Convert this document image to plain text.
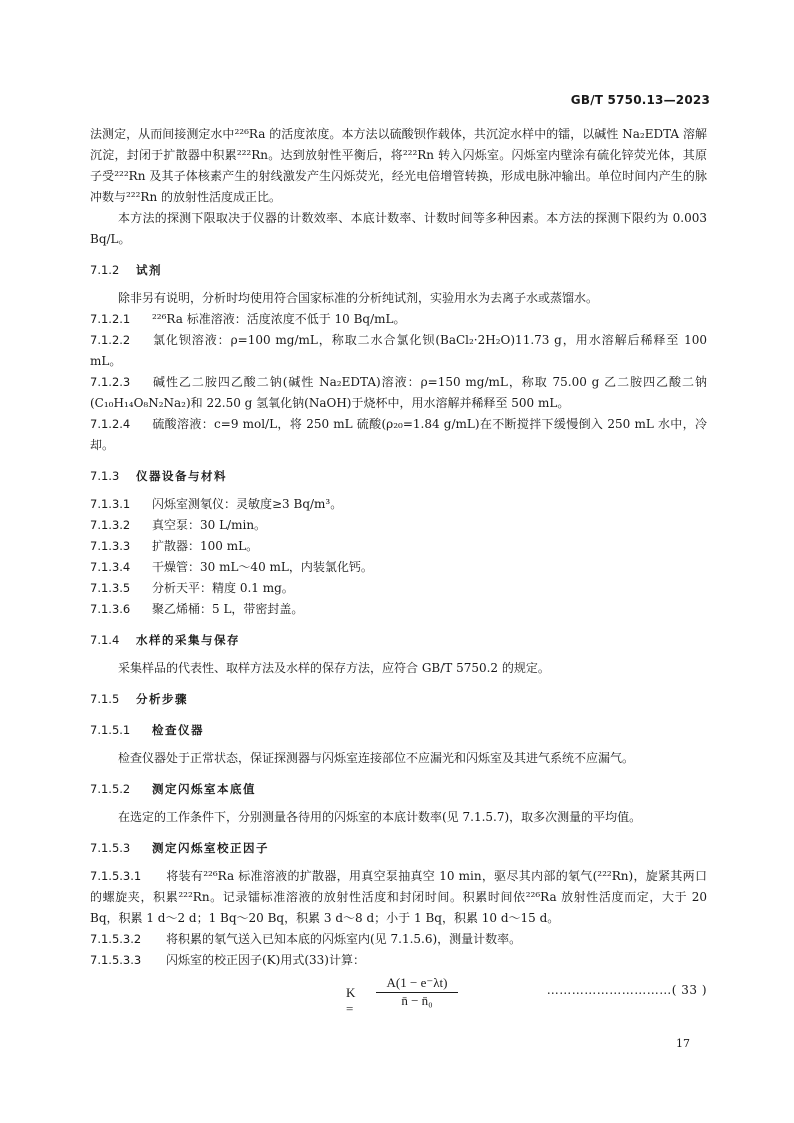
GB/T 5750.13—2023

法测定，从而间接测定水中²²⁶Ra 的活度浓度。本方法以硫酸钡作载体，共沉淀水样中的镭，以碱性 Na₂EDTA 溶解沉淀，封闭于扩散器中积累²²²Rn。达到放射性平衡后，将²²²Rn 转入闪烁室。闪烁室内壁涂有硫化锌荧光体，其原子受²²²Rn 及其子体核素产生的射线激发产生闪烁荧光，经光电倍增管转换，形成电脉冲输出。单位时间内产生的脉冲数与²²²Rn 的放射性活度成正比。

本方法的探测下限取决于仪器的计数效率、本底计数率、计数时间等多种因素。本方法的探测下限约为 0.003 Bq/L。

7.1.2 试剂

除非另有说明，分析时均使用符合国家标准的分析纯试剂，实验用水为去离子水或蒸馏水。

7.1.2.1 ²²⁶Ra 标准溶液：活度浓度不低于 10 Bq/mL。

7.1.2.2 氯化钡溶液：ρ=100 mg/mL，称取二水合氯化钡(BaCl₂·2H₂O)11.73 g，用水溶解后稀释至 100 mL。

7.1.2.3 碱性乙二胺四乙酸二钠(碱性 Na₂EDTA)溶液：ρ=150 mg/mL，称取 75.00 g 乙二胺四乙酸二钠(C₁₀H₁₄O₈N₂Na₂)和 22.50 g 氢氧化钠(NaOH)于烧杯中，用水溶解并稀释至 500 mL。

7.1.2.4 硫酸溶液：c=9 mol/L，将 250 mL 硫酸(ρ₂₀=1.84 g/mL)在不断搅拌下缓慢倒入 250 mL 水中，冷却。

7.1.3 仪器设备与材料

7.1.3.1 闪烁室测氡仪：灵敏度≥3 Bq/m³。

7.1.3.2 真空泵：30 L/min。

7.1.3.3 扩散器：100 mL。

7.1.3.4 干燥管：30 mL～40 mL，内装氯化钙。

7.1.3.5 分析天平：精度 0.1 mg。

7.1.3.6 聚乙烯桶：5 L，带密封盖。

7.1.4 水样的采集与保存

采集样品的代表性、取样方法及水样的保存方法，应符合 GB/T 5750.2 的规定。

7.1.5 分析步骤
7.1.5.1 检查仪器

检查仪器处于正常状态，保证探测器与闪烁室连接部位不应漏光和闪烁室及其进气系统不应漏气。

7.1.5.2 测定闪烁室本底值

在选定的工作条件下，分别测量各待用的闪烁室的本底计数率(见 7.1.5.7)，取多次测量的平均值。

7.1.5.3 测定闪烁室校正因子

7.1.5.3.1 将装有²²⁶Ra 标准溶液的扩散器，用真空泵抽真空 10 min，驱尽其内部的氡气(²²²Rn)，旋紧其两口的螺旋夹，积累²²²Rn。记录镭标准溶液的放射性活度和封闭时间。积累时间依²²⁶Ra 放射性活度而定，大于 20 Bq，积累 1 d～2 d；1 Bq～20 Bq，积累 3 d～8 d；小于 1 Bq，积累 10 d～15 d。

7.1.5.3.2 将积累的氡气送入已知本底的闪烁室内(见 7.1.5.6)，测量计数率。

7.1.5.3.3 闪烁室的校正因子(K)用式(33)计算：

$K = \frac{A(1 - e^-\lambda t)}{\text{n̄ − n̄₀}}$	…………………………( 33 )
17
